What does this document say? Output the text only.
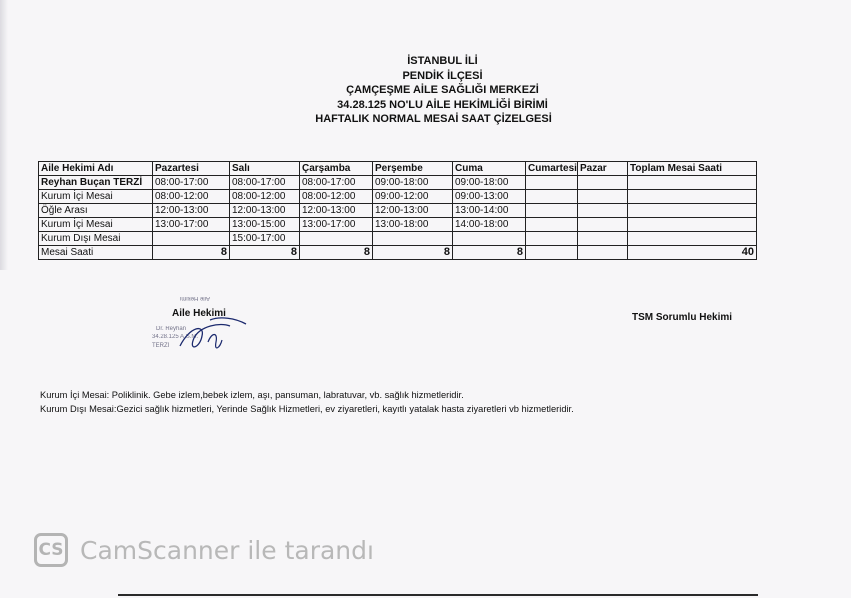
İSTANBUL İLİ
PENDİK İLÇESİ
ÇAMÇEŞME AİLE SAĞLIĞI MERKEZİ
34.28.125 NO'LU AİLE HEKİMLİĞİ BİRİMİ
HAFTALIK NORMAL MESAİ SAAT ÇİZELGESİ
Aile Hekimi Adı	Pazartesi	Salı	Çarşamba	Perşembe	Cuma	Cumartesi	Pazar	Toplam Mesai Saati
Reyhan Buçan TERZİ	08:00-17:00	08:00-17:00	08:00-17:00	09:00-18:00	09:00-18:00			
Kurum İçi Mesai	08:00-12:00	08:00-12:00	08:00-12:00	09:00-12:00	09:00-13:00			
Öğle Arası	12:00-13:00	12:00-13:00	12:00-13:00	12:00-13:00	13:00-14:00			
Kurum İçi Mesai	13:00-17:00	13:00-15:00	13:00-17:00	13:00-18:00	14:00-18:00			
Kurum Dışı Mesai		15:00-17:00						
Mesai Saati	8	8	8	8	8			40
Aile Hekimi
Dr. Reyhan
34.28.125 A.S.M.
TERZİ
Aile Hekimi	TSM Sorumlu Hekimi
Kurum İçi Mesai: Poliklinik. Gebe izlem,bebek izlem, aşı, pansuman, labratuvar, vb. sağlık hizmetleridir.
Kurum Dışı Mesai:Gezici sağlık hizmetleri, Yerinde Sağlık Hizmetleri, ev ziyaretleri, kayıtlı yatalak hasta ziyaretleri vb hizmetleridir.
CS CamScanner ile tarandı
